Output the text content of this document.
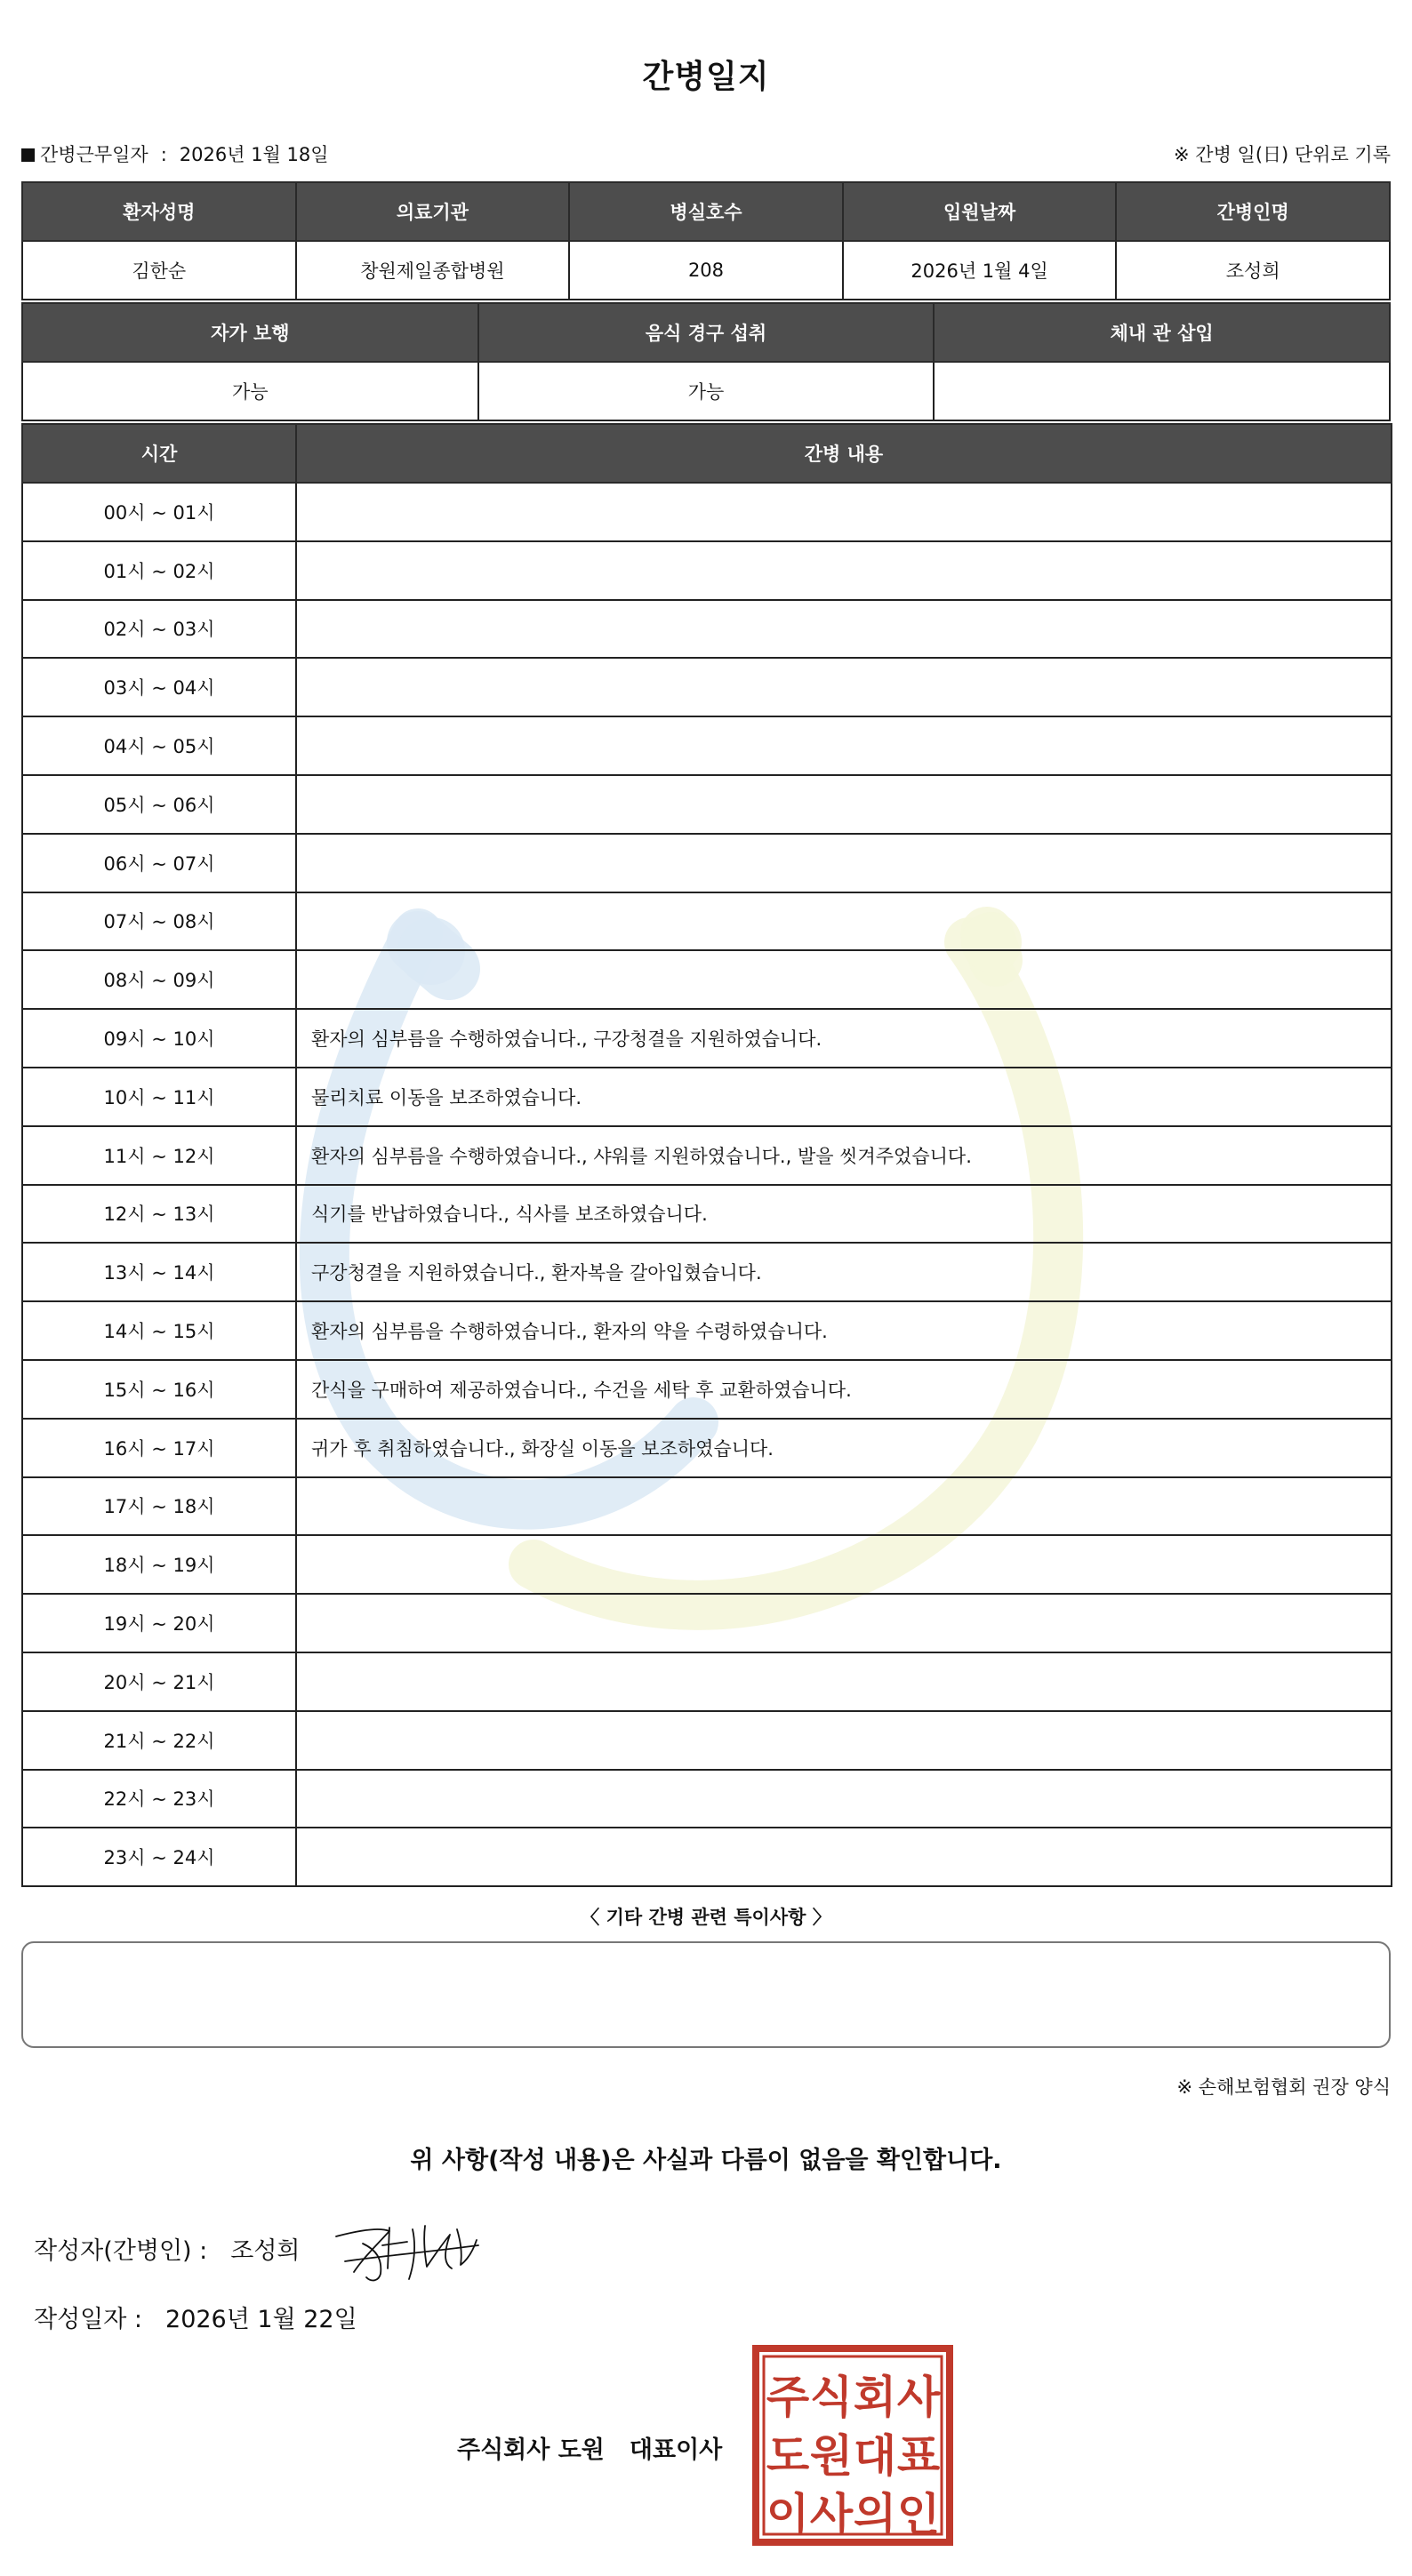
간병일지
간병근무일자 : 2026년 1월 18일	※ 간병 일(日) 단위로 기록
환자성명	의료기관	병실호수	입원날짜	간병인명
김한순	창원제일종합병원	208	2026년 1월 4일	조성희
자가 보행	음식 경구 섭취	체내 관 삽입
가능	가능	
시간	간병 내용
00시 ~ 01시	
01시 ~ 02시	
02시 ~ 03시	
03시 ~ 04시	
04시 ~ 05시	
05시 ~ 06시	
06시 ~ 07시	
07시 ~ 08시	
08시 ~ 09시	
09시 ~ 10시	환자의 심부름을 수행하였습니다., 구강청결을 지원하였습니다.
10시 ~ 11시	물리치료 이동을 보조하였습니다.
11시 ~ 12시	환자의 심부름을 수행하였습니다., 샤워를 지원하였습니다., 발을 씻겨주었습니다.
12시 ~ 13시	식기를 반납하였습니다., 식사를 보조하였습니다.
13시 ~ 14시	구강청결을 지원하였습니다., 환자복을 갈아입혔습니다.
14시 ~ 15시	환자의 심부름을 수행하였습니다., 환자의 약을 수령하였습니다.
15시 ~ 16시	간식을 구매하여 제공하였습니다., 수건을 세탁 후 교환하였습니다.
16시 ~ 17시	귀가 후 취침하였습니다., 화장실 이동을 보조하였습니다.
17시 ~ 18시	
18시 ~ 19시	
19시 ~ 20시	
20시 ~ 21시	
21시 ~ 22시	
22시 ~ 23시	
23시 ~ 24시	
〈 기타 간병 관련 특이사항 〉
※ 손해보험협회 권장 양식
위 사항(작성 내용)은 사실과 다름이 없음을 확인합니다.
작성자(간병인) : 조성희
작성일자 : 2026년 1월 22일
주식회사 도원 대표이사
주 식 회 사
도 원 대 표
이 사 의 인
